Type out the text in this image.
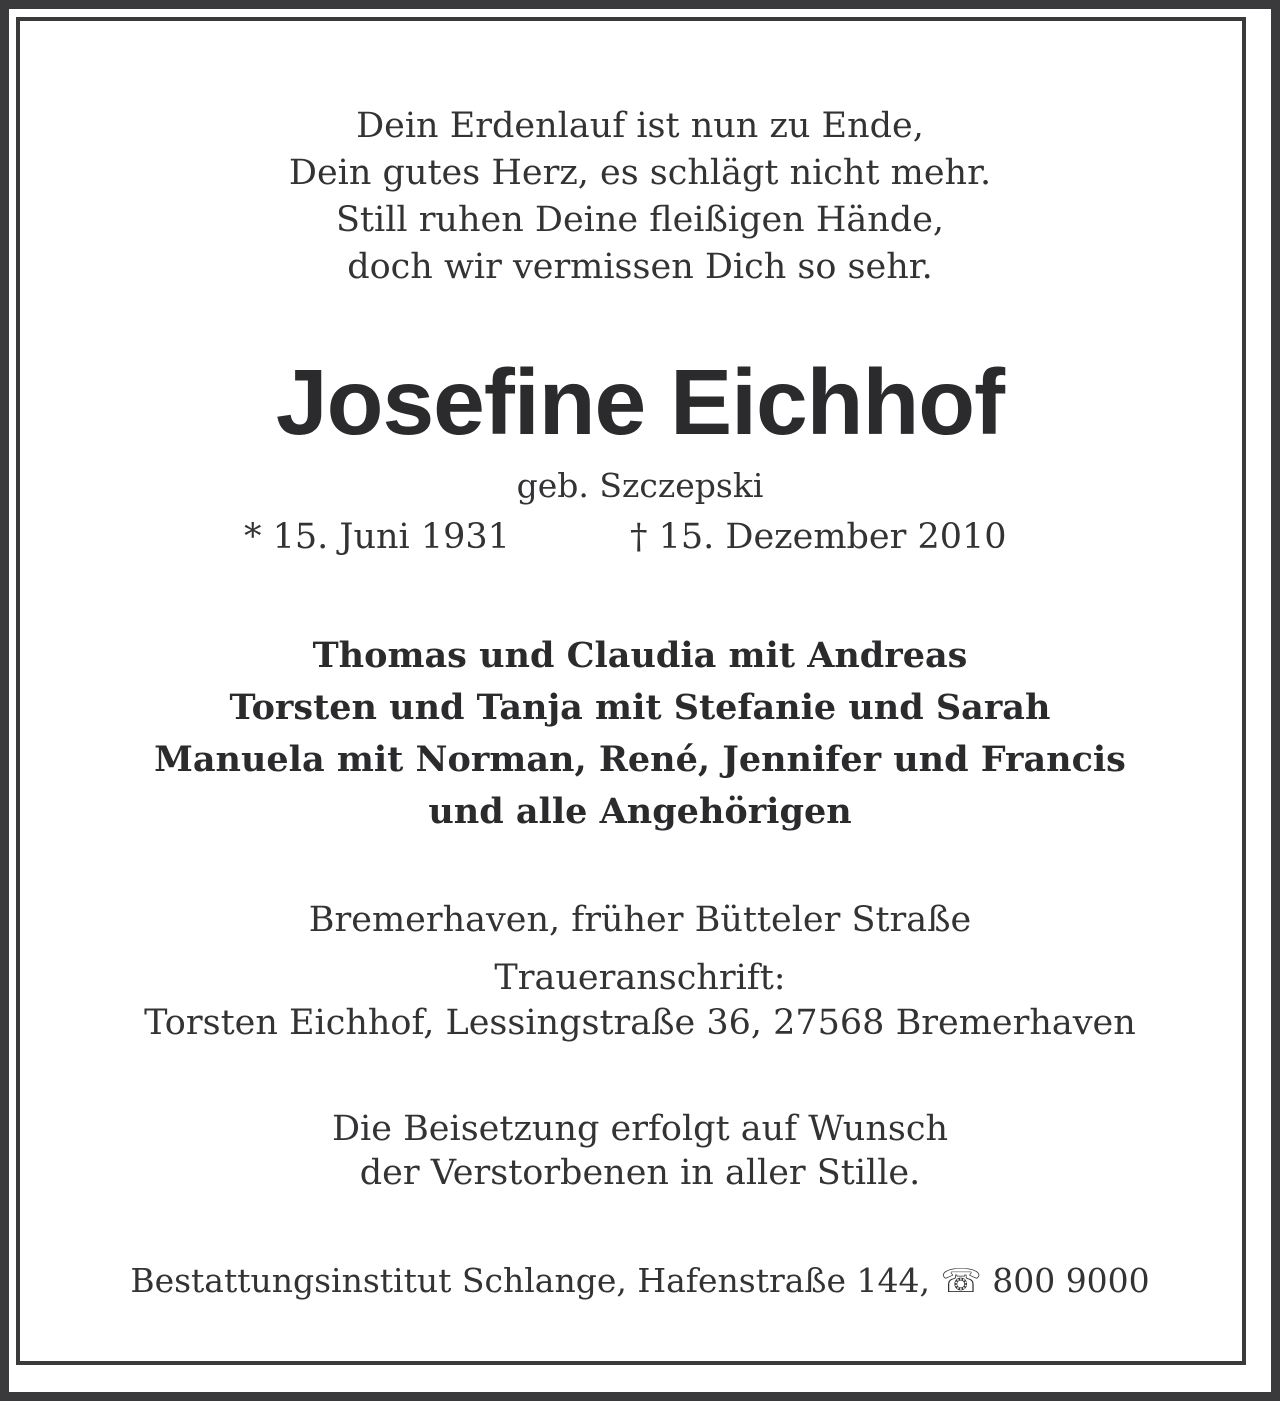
Dein Erdenlauf ist nun zu Ende,
Dein gutes Herz, es schlägt nicht mehr.
Still ruhen Deine fleißigen Hände,
doch wir vermissen Dich so sehr.
Josefine Eichhof
geb. Szczepski
* 15. Juni 1931	† 15. Dezember 2010
Thomas und Claudia mit Andreas
Torsten und Tanja mit Stefanie und Sarah
Manuela mit Norman, René, Jennifer und Francis
und alle Angehörigen
Bremerhaven, früher Bütteler Straße
Traueranschrift:
Torsten Eichhof, Lessingstraße 36, 27568 Bremerhaven
Die Beisetzung erfolgt auf Wunsch
der Verstorbenen in aller Stille.
Bestattungsinstitut Schlange, Hafenstraße 144, ☏ 800 9000
